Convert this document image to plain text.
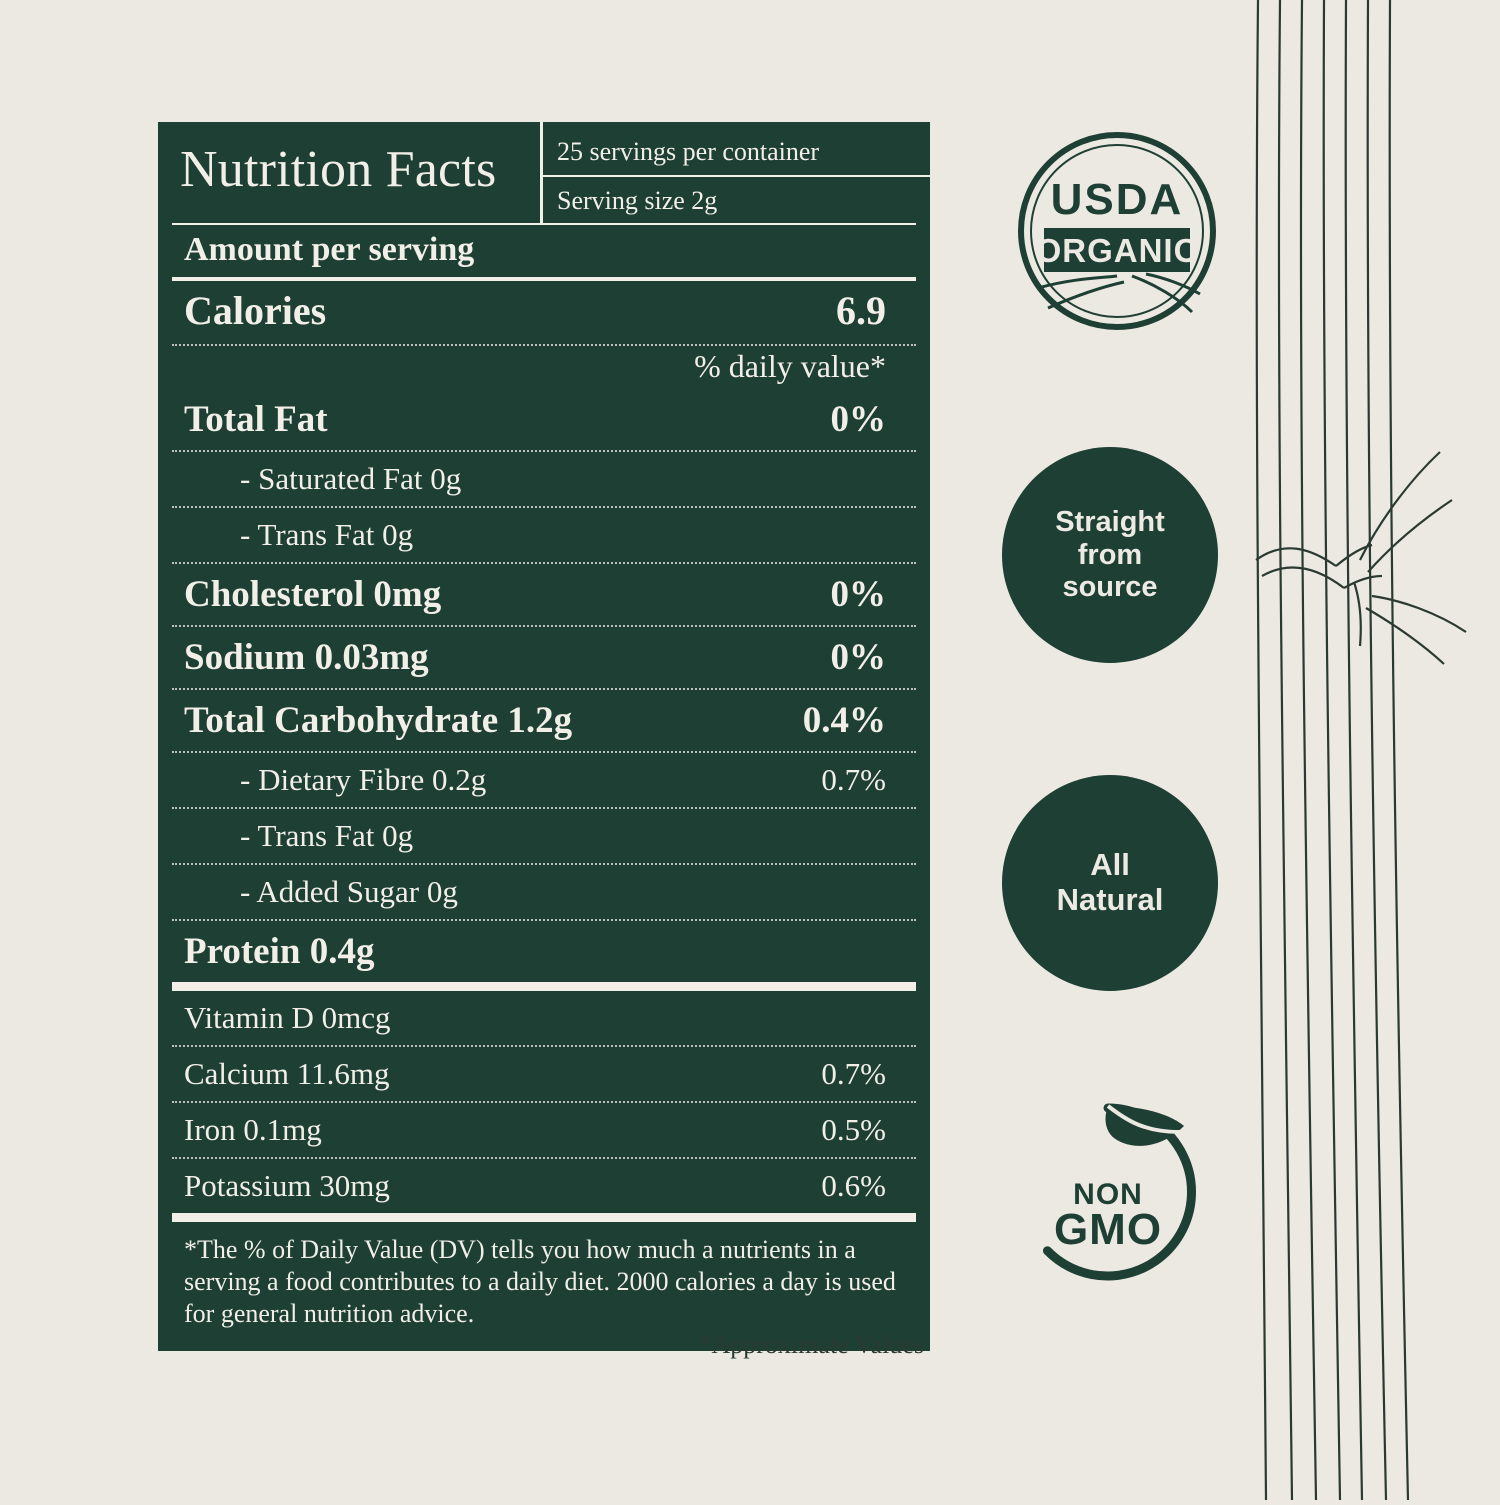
Nutrition Facts	25 servings per container
Serving size 2g
Amount per serving
Calories	6.9
% daily value*
Total Fat	0%
- Saturated Fat 0g
- Trans Fat 0g
Cholesterol 0mg	0%
Sodium 0.03mg	0%
Total Carbohydrate 1.2g	0.4%
- Dietary Fibre 0.2g	0.7%
- Trans Fat 0g
- Added Sugar 0g
Protein 0.4g
Vitamin D 0mcg
Calcium 11.6mg	0.7%
Iron 0.1mg	0.5%
Potassium 30mg	0.6%
*The % of Daily Value (DV) tells you how much a nutrients in a serving a food contributes to a daily diet. 2000 calories a day is used for general nutrition advice.
*Approximate Values
USDA
ORGANIC
Straight
from
source
All
Natural
NON
GMO
